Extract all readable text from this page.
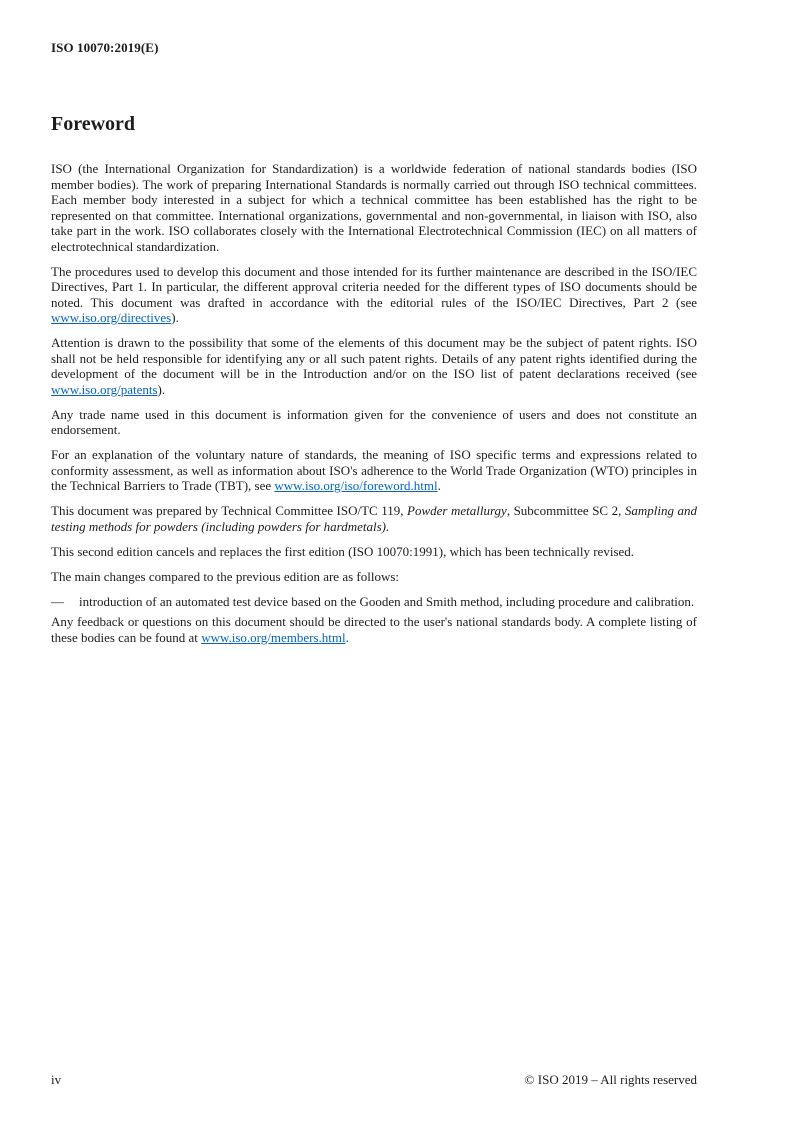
ISO 10070:2019(E)
Foreword
ISO (the International Organization for Standardization) is a worldwide federation of national standards bodies (ISO member bodies). The work of preparing International Standards is normally carried out through ISO technical committees. Each member body interested in a subject for which a technical committee has been established has the right to be represented on that committee. International organizations, governmental and non-governmental, in liaison with ISO, also take part in the work. ISO collaborates closely with the International Electrotechnical Commission (IEC) on all matters of electrotechnical standardization.
The procedures used to develop this document and those intended for its further maintenance are described in the ISO/IEC Directives, Part 1. In particular, the different approval criteria needed for the different types of ISO documents should be noted. This document was drafted in accordance with the editorial rules of the ISO/IEC Directives, Part 2 (see www.iso.org/directives).
Attention is drawn to the possibility that some of the elements of this document may be the subject of patent rights. ISO shall not be held responsible for identifying any or all such patent rights. Details of any patent rights identified during the development of the document will be in the Introduction and/or on the ISO list of patent declarations received (see www.iso.org/patents).
Any trade name used in this document is information given for the convenience of users and does not constitute an endorsement.
For an explanation of the voluntary nature of standards, the meaning of ISO specific terms and expressions related to conformity assessment, as well as information about ISO's adherence to the World Trade Organization (WTO) principles in the Technical Barriers to Trade (TBT), see www.iso.org/iso/foreword.html.
This document was prepared by Technical Committee ISO/TC 119, Powder metallurgy, Subcommittee SC 2, Sampling and testing methods for powders (including powders for hardmetals).
This second edition cancels and replaces the first edition (ISO 10070:1991), which has been technically revised.
The main changes compared to the previous edition are as follows:
—	introduction of an automated test device based on the Gooden and Smith method, including procedure and calibration.
Any feedback or questions on this document should be directed to the user's national standards body. A complete listing of these bodies can be found at www.iso.org/members.html.
iv	© ISO 2019 – All rights reserved
